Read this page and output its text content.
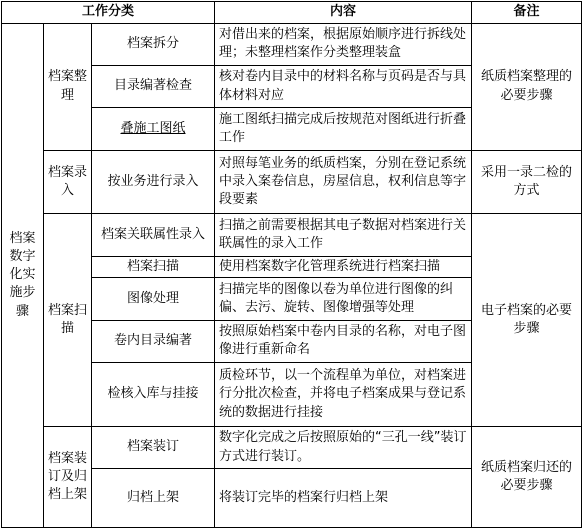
工作分类			内容	备注
档案数字化实施步骤	档案整理	档案拆分	对借出来的档案，根据原始顺序进行拆线处理；未整理档案作分类整理装盒	纸质档案整理的必要步骤
		目录编著检查	核对卷内目录中的材料名称与页码是否与具体材料对应	
		叠施工图纸	施工图纸扫描完成后按规范对图纸进行折叠工作	
	档案录入	按业务进行录入	对照每笔业务的纸质档案，分别在登记系统中录入案卷信息，房屋信息，权利信息等字段要素	采用一录二检的方式
	档案扫描	档案关联属性录入	扫描之前需要根据其电子数据对档案进行关联属性的录入工作	电子档案的必要步骤
		档案扫描	使用档案数字化管理系统进行档案扫描	
		图像处理	扫描完毕的图像以卷为单位进行图像的纠偏、去污、旋转、图像增强等处理	
		卷内目录编著	按照原始档案中卷内目录的名称，对电子图像进行重新命名	
		检核入库与挂接	质检环节，以一个流程单为单位，对档案进行分批次检查，并将电子档案成果与登记系统的数据进行挂接	
	档案装订及归档上架	档案装订	数字化完成之后按照原始的“三孔一线”装订方式进行装订。	纸质档案归还的必要步骤
		归档上架	将装订完毕的档案行归档上架	
